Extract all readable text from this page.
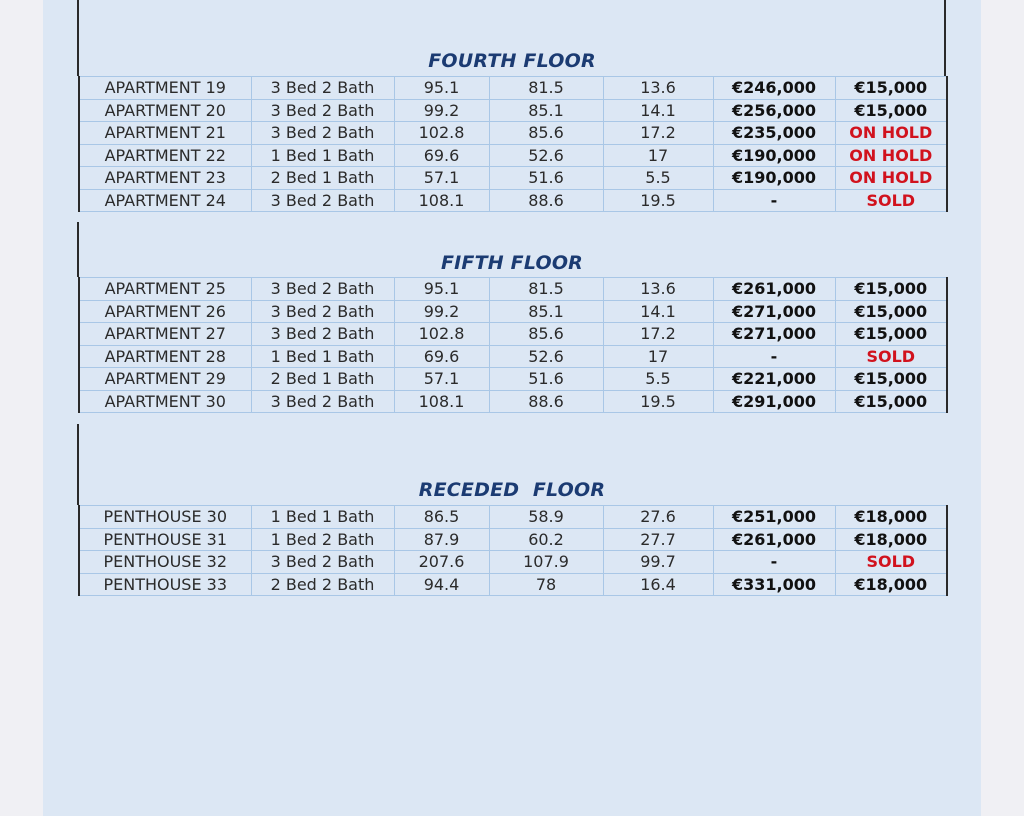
FOURTH FLOOR
APARTMENT 19	3 Bed 2 Bath	95.1	81.5	13.6	€246,000	€15,000
APARTMENT 20	3 Bed 2 Bath	99.2	85.1	14.1	€256,000	€15,000
APARTMENT 21	3 Bed 2 Bath	102.8	85.6	17.2	€235,000	ON HOLD
APARTMENT 22	1 Bed 1 Bath	69.6	52.6	17	€190,000	ON HOLD
APARTMENT 23	2 Bed 1 Bath	57.1	51.6	5.5	€190,000	ON HOLD
APARTMENT 24	3 Bed 2 Bath	108.1	88.6	19.5	-	SOLD
FIFTH FLOOR
APARTMENT 25	3 Bed 2 Bath	95.1	81.5	13.6	€261,000	€15,000
APARTMENT 26	3 Bed 2 Bath	99.2	85.1	14.1	€271,000	€15,000
APARTMENT 27	3 Bed 2 Bath	102.8	85.6	17.2	€271,000	€15,000
APARTMENT 28	1 Bed 1 Bath	69.6	52.6	17	-	SOLD
APARTMENT 29	2 Bed 1 Bath	57.1	51.6	5.5	€221,000	€15,000
APARTMENT 30	3 Bed 2 Bath	108.1	88.6	19.5	€291,000	€15,000
RECEDED  FLOOR
PENTHOUSE 30	1 Bed 1 Bath	86.5	58.9	27.6	€251,000	€18,000
PENTHOUSE 31	1 Bed 2 Bath	87.9	60.2	27.7	€261,000	€18,000
PENTHOUSE 32	3 Bed 2 Bath	207.6	107.9	99.7	-	SOLD
PENTHOUSE 33	2 Bed 2 Bath	94.4	78	16.4	€331,000	€18,000
